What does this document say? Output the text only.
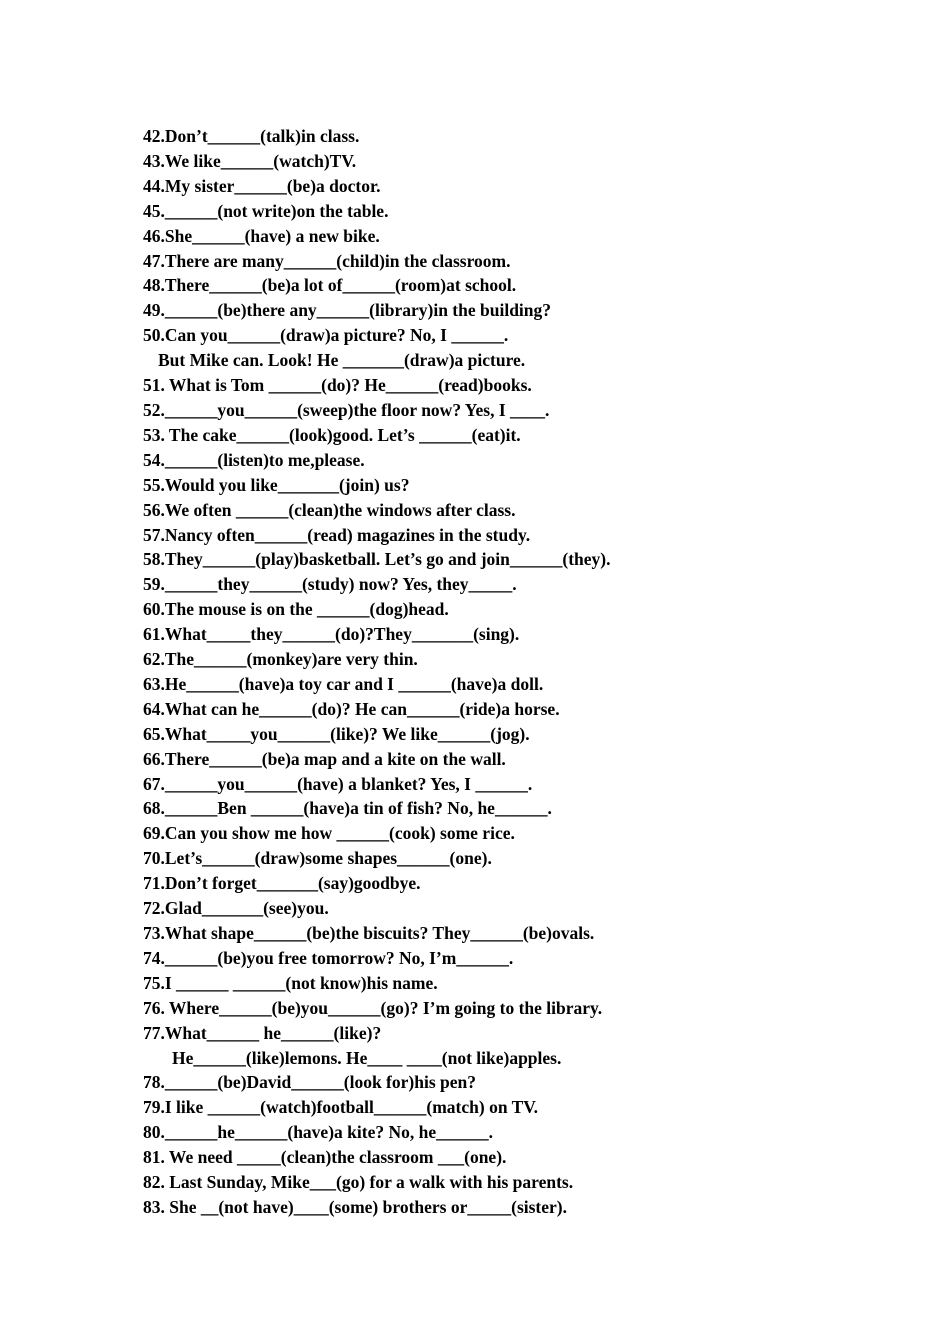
42.Don’t______(talk)in class.
43.We like______(watch)TV.
44.My sister______(be)a doctor.
45.______(not write)on the table.
46.She______(have) a new bike.
47.There are many______(child)in the classroom.
48.There______(be)a lot of______(room)at school.
49.______(be)there any______(library)in the building?
50.Can you______(draw)a picture? No, I ______.
But Mike can. Look! He _______(draw)a picture.
51. What is Tom ______(do)? He______(read)books.
52.______you______(sweep)the floor now? Yes, I ____.
53. The cake______(look)good. Let’s ______(eat)it.
54.______(listen)to me,please.
55.Would you like_______(join) us?
56.We often ______(clean)the windows after class.
57.Nancy often______(read) magazines in the study.
58.They______(play)basketball. Let’s go and join______(they).
59.______they______(study) now? Yes, they_____.
60.The mouse is on the ______(dog)head.
61.What_____they______(do)?They_______(sing).
62.The______(monkey)are very thin.
63.He______(have)a toy car and I ______(have)a doll.
64.What can he______(do)? He can______(ride)a horse.
65.What_____you______(like)? We like______(jog).
66.There______(be)a map and a kite on the wall.
67.______you______(have) a blanket? Yes, I ______.
68.______Ben ______(have)a tin of fish? No, he______.
69.Can you show me how ______(cook) some rice.
70.Let’s______(draw)some shapes______(one).
71.Don’t forget_______(say)goodbye.
72.Glad_______(see)you.
73.What shape______(be)the biscuits? They______(be)ovals.
74.______(be)you free tomorrow? No, I’m______.
75.I ______ ______(not know)his name.
76. Where______(be)you______(go)? I’m going to the library.
77.What______ he______(like)?
He______(like)lemons. He____ ____(not like)apples.
78.______(be)David______(look for)his pen?
79.I like ______(watch)football______(match) on TV.
80.______he______(have)a kite? No, he______.
81. We need _____(clean)the classroom ___(one).
82. Last Sunday, Mike___(go) for a walk with his parents.
83. She __(not have)____(some) brothers or_____(sister).
